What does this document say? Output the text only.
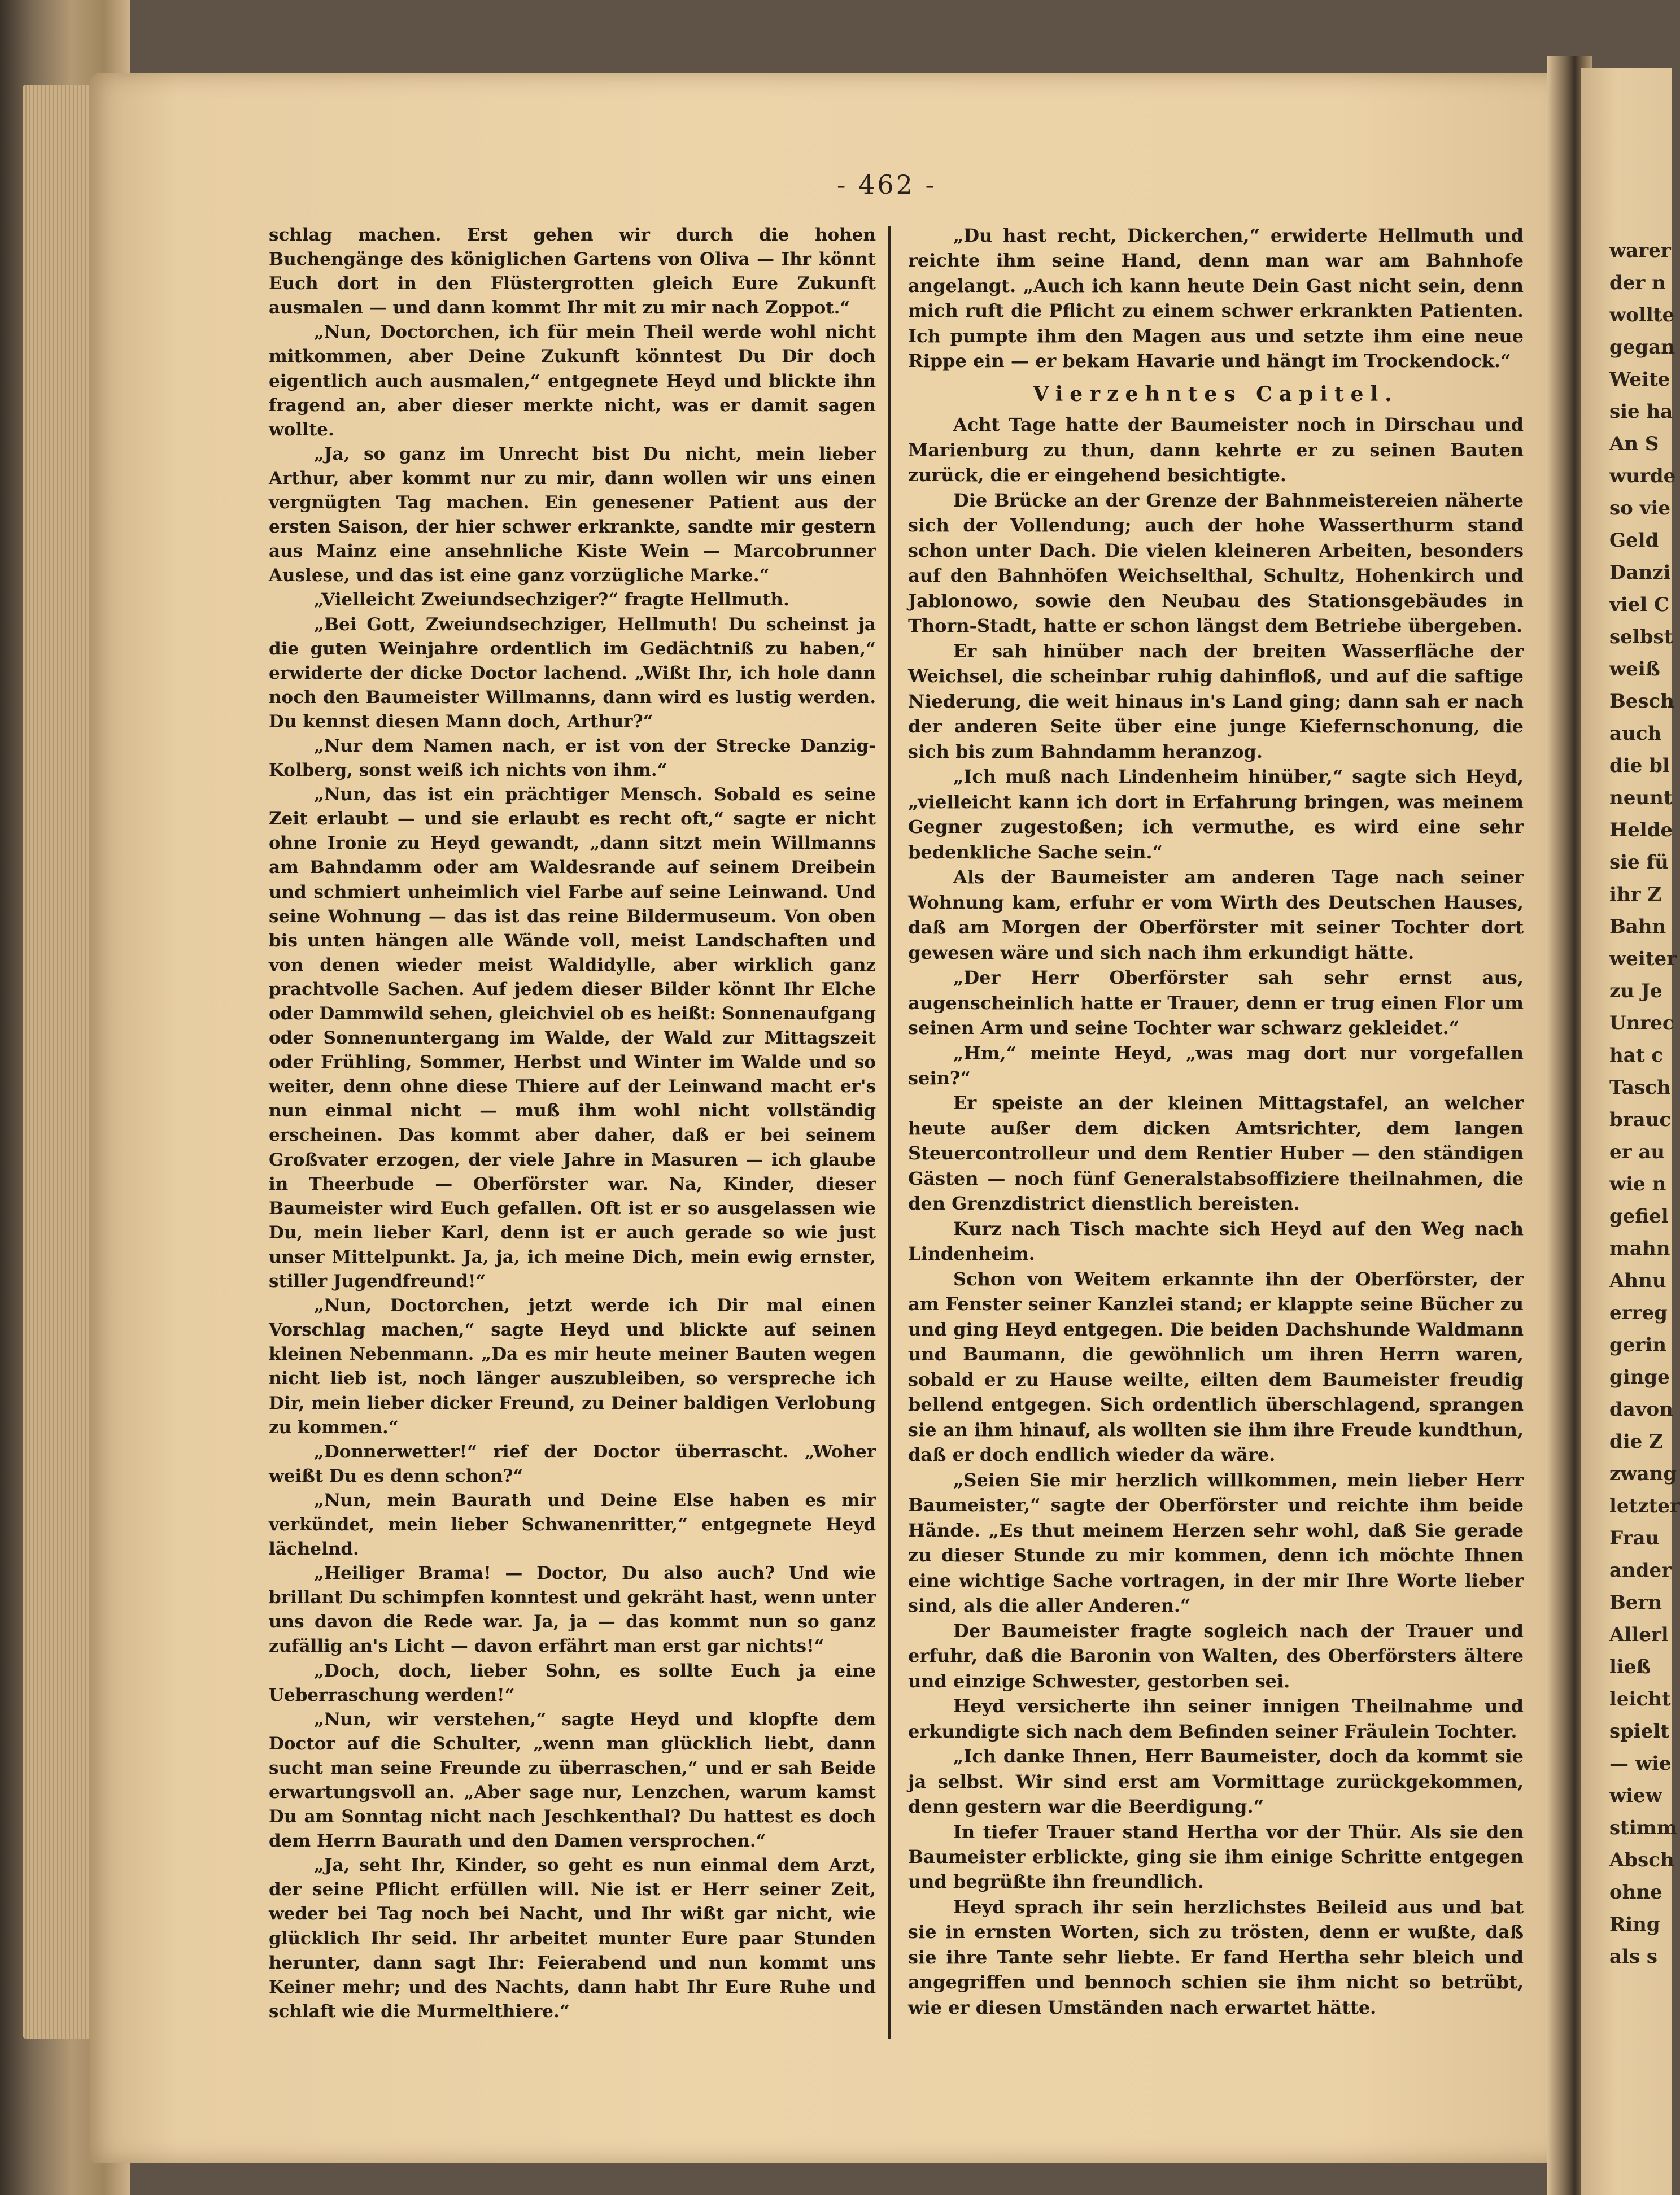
warer
der n
wollte
gegan
Weite
sie ha
An S
wurde
so vie
Geld
Danzi
viel C
selbst
weiß
Besch
auch
die bl
neunt
Helde
sie fü
ihr Z
Bahn
weiter
zu Je
Unrec
hat c
Tasch
brauc
er au
wie n
gefiel
mahn
Ahnu
erreg
gerin
ginge
davon
die Z
zwang
letzter
Frau
ander
Bern
Allerl
ließ
leicht
spielt
— wie
wiew
stimm
Absch
ohne
Ring
als s
- 462 -

schlag machen. Erst gehen wir durch die hohen Buchengänge des königlichen Gartens von Oliva — Ihr könnt Euch dort in den Flüstergrotten gleich Eure Zukunft ausmalen — und dann kommt Ihr mit zu mir nach Zoppot.“

„Nun, Doctorchen, ich für mein Theil werde wohl nicht mitkommen, aber Deine Zukunft könntest Du Dir doch eigentlich auch ausmalen,“ entgegnete Heyd und blickte ihn fragend an, aber dieser merkte nicht, was er damit sagen wollte.

„Ja, so ganz im Unrecht bist Du nicht, mein lieber Arthur, aber kommt nur zu mir, dann wollen wir uns einen vergnügten Tag machen. Ein genesener Patient aus der ersten Saison, der hier schwer erkrankte, sandte mir gestern aus Mainz eine ansehnliche Kiste Wein — Marcobrunner Auslese, und das ist eine ganz vorzügliche Marke.“

„Vielleicht Zweiundsechziger?“ fragte Hellmuth.

„Bei Gott, Zweiundsechziger, Hellmuth! Du scheinst ja die guten Weinjahre ordentlich im Gedächtniß zu haben,“ erwiderte der dicke Doctor lachend. „Wißt Ihr, ich hole dann noch den Baumeister Willmanns, dann wird es lustig werden. Du kennst diesen Mann doch, Arthur?“

„Nur dem Namen nach, er ist von der Strecke Danzig-Kolberg, sonst weiß ich nichts von ihm.“

„Nun, das ist ein prächtiger Mensch. Sobald es seine Zeit erlaubt — und sie erlaubt es recht oft,“ sagte er nicht ohne Ironie zu Heyd gewandt, „dann sitzt mein Willmanns am Bahndamm oder am Waldesrande auf seinem Dreibein und schmiert unheimlich viel Farbe auf seine Leinwand. Und seine Wohnung — das ist das reine Bildermuseum. Von oben bis unten hängen alle Wände voll, meist Landschaften und von denen wieder meist Waldidylle, aber wirklich ganz prachtvolle Sachen. Auf jedem dieser Bilder könnt Ihr Elche oder Dammwild sehen, gleichviel ob es heißt: Sonnenaufgang oder Sonnenuntergang im Walde, der Wald zur Mittagszeit oder Frühling, Sommer, Herbst und Winter im Walde und so weiter, denn ohne diese Thiere auf der Leinwand macht er's nun einmal nicht — muß ihm wohl nicht vollständig erscheinen. Das kommt aber daher, daß er bei seinem Großvater erzogen, der viele Jahre in Masuren — ich glaube in Theerbude — Oberförster war. Na, Kinder, dieser Baumeister wird Euch gefallen. Oft ist er so ausgelassen wie Du, mein lieber Karl, denn ist er auch gerade so wie just unser Mittelpunkt. Ja, ja, ich meine Dich, mein ewig ernster, stiller Jugendfreund!“

„Nun, Doctorchen, jetzt werde ich Dir mal einen Vorschlag machen,“ sagte Heyd und blickte auf seinen kleinen Nebenmann. „Da es mir heute meiner Bauten wegen nicht lieb ist, noch länger auszubleiben, so verspreche ich Dir, mein lieber dicker Freund, zu Deiner baldigen Verlobung zu kommen.“

„Donnerwetter!“ rief der Doctor überrascht. „Woher weißt Du es denn schon?“

„Nun, mein Baurath und Deine Else haben es mir verkündet, mein lieber Schwanenritter,“ entgegnete Heyd lächelnd.

„Heiliger Brama! — Doctor, Du also auch? Und wie brillant Du schimpfen konntest und gekräht hast, wenn unter uns davon die Rede war. Ja, ja — das kommt nun so ganz zufällig an's Licht — davon erfährt man erst gar nichts!“

„Doch, doch, lieber Sohn, es sollte Euch ja eine Ueberraschung werden!“

„Nun, wir verstehen,“ sagte Heyd und klopfte dem Doctor auf die Schulter, „wenn man glücklich liebt, dann sucht man seine Freunde zu überraschen,“ und er sah Beide erwartungsvoll an. „Aber sage nur, Lenzchen, warum kamst Du am Sonntag nicht nach Jeschkenthal? Du hattest es doch dem Herrn Baurath und den Damen versprochen.“

„Ja, seht Ihr, Kinder, so geht es nun einmal dem Arzt, der seine Pflicht erfüllen will. Nie ist er Herr seiner Zeit, weder bei Tag noch bei Nacht, und Ihr wißt gar nicht, wie glücklich Ihr seid. Ihr arbeitet munter Eure paar Stunden herunter, dann sagt Ihr: Feierabend und nun kommt uns Keiner mehr; und des Nachts, dann habt Ihr Eure Ruhe und schlaft wie die Murmelthiere.“

„Du hast recht, Dickerchen,“ erwiderte Hellmuth und reichte ihm seine Hand, denn man war am Bahnhofe angelangt. „Auch ich kann heute Dein Gast nicht sein, denn mich ruft die Pflicht zu einem schwer erkrankten Patienten. Ich pumpte ihm den Magen aus und setzte ihm eine neue Rippe ein — er bekam Havarie und hängt im Trockendock.“

Vierzehntes Capitel.

Acht Tage hatte der Baumeister noch in Dirschau und Marienburg zu thun, dann kehrte er zu seinen Bauten zurück, die er eingehend besichtigte.

Die Brücke an der Grenze der Bahnmeistereien näherte sich der Vollendung; auch der hohe Wasserthurm stand schon unter Dach. Die vielen kleineren Arbeiten, besonders auf den Bahnhöfen Weichselthal, Schultz, Hohenkirch und Jablonowo, sowie den Neubau des Stationsgebäudes in Thorn-Stadt, hatte er schon längst dem Betriebe übergeben.

Er sah hinüber nach der breiten Wasserfläche der Weichsel, die scheinbar ruhig dahinfloß, und auf die saftige Niederung, die weit hinaus in's Land ging; dann sah er nach der anderen Seite über eine junge Kiefernschonung, die sich bis zum Bahndamm heranzog.

„Ich muß nach Lindenheim hinüber,“ sagte sich Heyd, „vielleicht kann ich dort in Erfahrung bringen, was meinem Gegner zugestoßen; ich vermuthe, es wird eine sehr bedenkliche Sache sein.“

Als der Baumeister am anderen Tage nach seiner Wohnung kam, erfuhr er vom Wirth des Deutschen Hauses, daß am Morgen der Oberförster mit seiner Tochter dort gewesen wäre und sich nach ihm erkundigt hätte.

„Der Herr Oberförster sah sehr ernst aus, augenscheinlich hatte er Trauer, denn er trug einen Flor um seinen Arm und seine Tochter war schwarz gekleidet.“

„Hm,“ meinte Heyd, „was mag dort nur vorgefallen sein?“

Er speiste an der kleinen Mittagstafel, an welcher heute außer dem dicken Amtsrichter, dem langen Steuercontrolleur und dem Rentier Huber — den ständigen Gästen — noch fünf Generalstabsoffiziere theilnahmen, die den Grenzdistrict dienstlich bereisten.

Kurz nach Tisch machte sich Heyd auf den Weg nach Lindenheim.

Schon von Weitem erkannte ihn der Oberförster, der am Fenster seiner Kanzlei stand; er klappte seine Bücher zu und ging Heyd entgegen. Die beiden Dachshunde Waldmann und Baumann, die gewöhnlich um ihren Herrn waren, sobald er zu Hause weilte, eilten dem Baumeister freudig bellend entgegen. Sich ordentlich überschlagend, sprangen sie an ihm hinauf, als wollten sie ihm ihre Freude kundthun, daß er doch endlich wieder da wäre.

„Seien Sie mir herzlich willkommen, mein lieber Herr Baumeister,“ sagte der Oberförster und reichte ihm beide Hände. „Es thut meinem Herzen sehr wohl, daß Sie gerade zu dieser Stunde zu mir kommen, denn ich möchte Ihnen eine wichtige Sache vortragen, in der mir Ihre Worte lieber sind, als die aller Anderen.“

Der Baumeister fragte sogleich nach der Trauer und erfuhr, daß die Baronin von Walten, des Oberförsters ältere und einzige Schwester, gestorben sei.

Heyd versicherte ihn seiner innigen Theilnahme und erkundigte sich nach dem Befinden seiner Fräulein Tochter.

„Ich danke Ihnen, Herr Baumeister, doch da kommt sie ja selbst. Wir sind erst am Vormittage zurückgekommen, denn gestern war die Beerdigung.“

In tiefer Trauer stand Hertha vor der Thür. Als sie den Baumeister erblickte, ging sie ihm einige Schritte entgegen und begrüßte ihn freundlich.

Heyd sprach ihr sein herzlichstes Beileid aus und bat sie in ernsten Worten, sich zu trösten, denn er wußte, daß sie ihre Tante sehr liebte. Er fand Hertha sehr bleich und angegriffen und bennoch schien sie ihm nicht so betrübt, wie er diesen Umständen nach erwartet hätte.
